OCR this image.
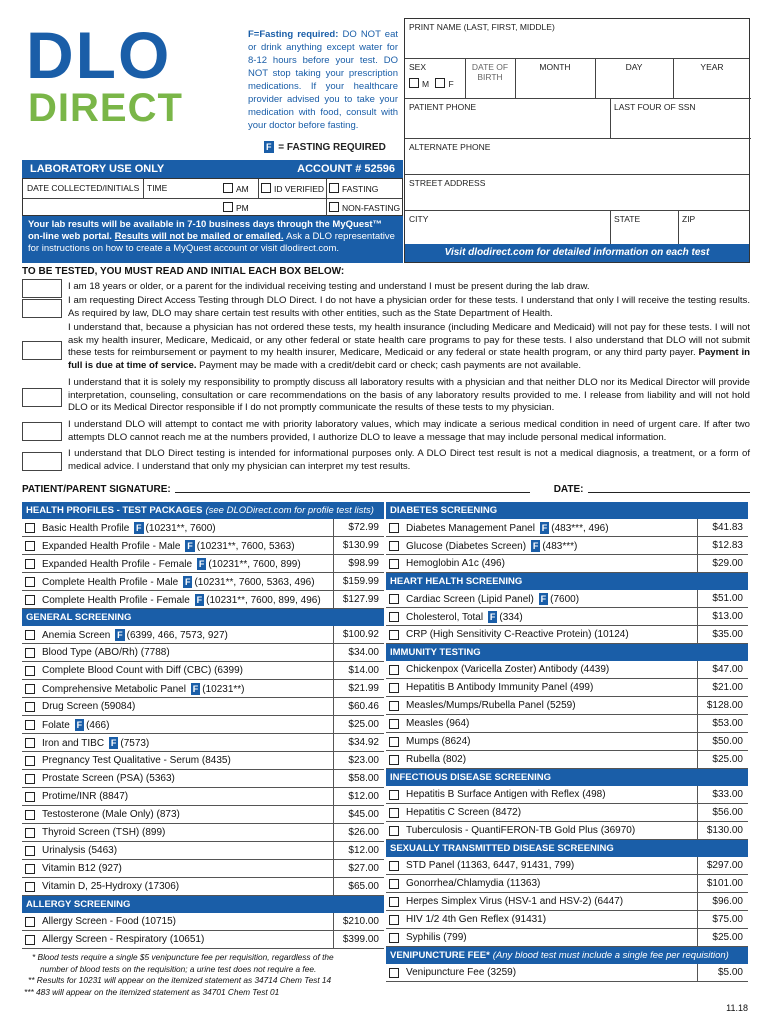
DLO
DIRECT
F=Fasting required: DO NOT eat or drink anything except water for 8-12 hours before your test. DO NOT stop taking your prescription medications. If your healthcare provider advised you to take your medication with food, consult with your doctor before fasting.
F = FASTING REQUIRED
PRINT NAME (LAST, FIRST, MIDDLE)
SEX
M F
DATE OF BIRTH
MONTH	DAY	YEAR
PATIENT PHONE	LAST FOUR OF SSN
ALTERNATE PHONE
STREET ADDRESS
CITY	STATE	ZIP
Visit dlodirect.com for detailed information on each test
LABORATORY USE ONLY	ACCOUNT # 52596
DATE COLLECTED/INITIALS TIME	AM
PM
ID VERIFIED	FASTING
NON-FASTING
Your lab results will be available in 7-10 business days through the MyQuest™ on-line web portal. Results will not be mailed or emailed. Ask a DLO representative for instructions on how to create a MyQuest account or visit dlodirect.com.
TO BE TESTED, YOU MUST READ AND INITIAL EACH BOX BELOW:
I am 18 years or older, or a parent for the individual receiving testing and understand I must be present during the lab draw.
I am requesting Direct Access Testing through DLO Direct. I do not have a physician order for these tests. I understand that only I will receive the testing results. As required by law, DLO may share certain test results with other entities, such as the State Department of Health.
I understand that, because a physician has not ordered these tests, my health insurance (including Medicare and Medicaid) will not pay for these tests. I will not ask my health insurer, Medicare, Medicaid, or any other federal or state health care programs to pay for these tests. I also understand that DLO will not submit these tests for reimbursement or payment to my health insurer, Medicare, Medicaid or any federal or state health program, or any third party payer. Payment in full is due at time of service. Payment may be made with a credit/debit card or check; cash payments are not available.
I understand that it is solely my responsibility to promptly discuss all laboratory results with a physician and that neither DLO nor its Medical Director will provide interpretation, counseling, consultation or care recommendations on the basis of any laboratory results provided to me. I release from liability and will not hold DLO or its Medical Director responsible if I do not promptly communicate the results of these tests to my physician.
I understand DLO will attempt to contact me with priority laboratory values, which may indicate a serious medical condition in need of urgent care. If after two attempts DLO cannot reach me at the numbers provided, I authorize DLO to leave a message that may include personal medical information.
I understand that DLO Direct testing is intended for informational purposes only. A DLO Direct test result is not a medical diagnosis, a treatment, or a form of medical advice. I understand that only my physician can interpret my test results.
PATIENT/PARENT SIGNATURE:	DATE:
HEALTH PROFILES - TEST PACKAGES (see DLODirect.com for profile test lists)
Basic Health Profile F (10231**, 7600)	$72.99
Expanded Health Profile - Male F (10231**, 7600, 5363)	$130.99
Expanded Health Profile - Female F (10231**, 7600, 899)	$98.99
Complete Health Profile - Male F (10231**, 7600, 5363, 496)	$159.99
Complete Health Profile - Female F (10231**, 7600, 899, 496)	$127.99
GENERAL SCREENING
Anemia Screen F (6399, 466, 7573, 927)	$100.92
Blood Type (ABO/Rh) (7788)	$34.00
Complete Blood Count with Diff (CBC) (6399)	$14.00
Comprehensive Metabolic Panel F (10231**)	$21.99
Drug Screen (59084)	$60.46
Folate F (466)	$25.00
Iron and TIBC F (7573)	$34.92
Pregnancy Test Qualitative - Serum (8435)	$23.00
Prostate Screen (PSA) (5363)	$58.00
Protime/INR (8847)	$12.00
Testosterone (Male Only) (873)	$45.00
Thyroid Screen (TSH) (899)	$26.00
Urinalysis (5463)	$12.00
Vitamin B12 (927)	$27.00
Vitamin D, 25-Hydroxy (17306)	$65.00
ALLERGY SCREENING
Allergy Screen - Food (10715)	$210.00
Allergy Screen - Respiratory (10651)	$399.00
DIABETES SCREENING
Diabetes Management Panel F (483***, 496)	$41.83
Glucose (Diabetes Screen) F (483***)	$12.83
Hemoglobin A1c (496)	$29.00
HEART HEALTH SCREENING
Cardiac Screen (Lipid Panel) F (7600)	$51.00
Cholesterol, Total F (334)	$13.00
CRP (High Sensitivity C-Reactive Protein) (10124)	$35.00
IMMUNITY TESTING
Chickenpox (Varicella Zoster) Antibody (4439)	$47.00
Hepatitis B Antibody Immunity Panel (499)	$21.00
Measles/Mumps/Rubella Panel (5259)	$128.00
Measles (964)	$53.00
Mumps (8624)	$50.00
Rubella (802)	$25.00
INFECTIOUS DISEASE SCREENING
Hepatitis B Surface Antigen with Reflex (498)	$33.00
Hepatitis C Screen (8472)	$56.00
Tuberculosis - QuantiFERON-TB Gold Plus (36970)	$130.00
SEXUALLY TRANSMITTED DISEASE SCREENING
STD Panel (11363, 6447, 91431, 799)	$297.00
Gonorrhea/Chlamydia (11363)	$101.00
Herpes Simplex Virus (HSV-1 and HSV-2) (6447)	$96.00
HIV 1/2 4th Gen Reflex (91431)	$75.00
Syphilis (799)	$25.00
VENIPUNCTURE FEE* (Any blood test must include a single fee per requisition)
Venipuncture Fee (3259)	$5.00
* Blood tests require a single $5 venipuncture fee per requisition, regardless of the
number of blood tests on the requisition; a urine test does not require a fee.
** Results for 10231 will appear on the itemized statement as 34714 Chem Test 14
*** 483 will appear on the itemized statement as 34701 Chem Test 01
11.18
